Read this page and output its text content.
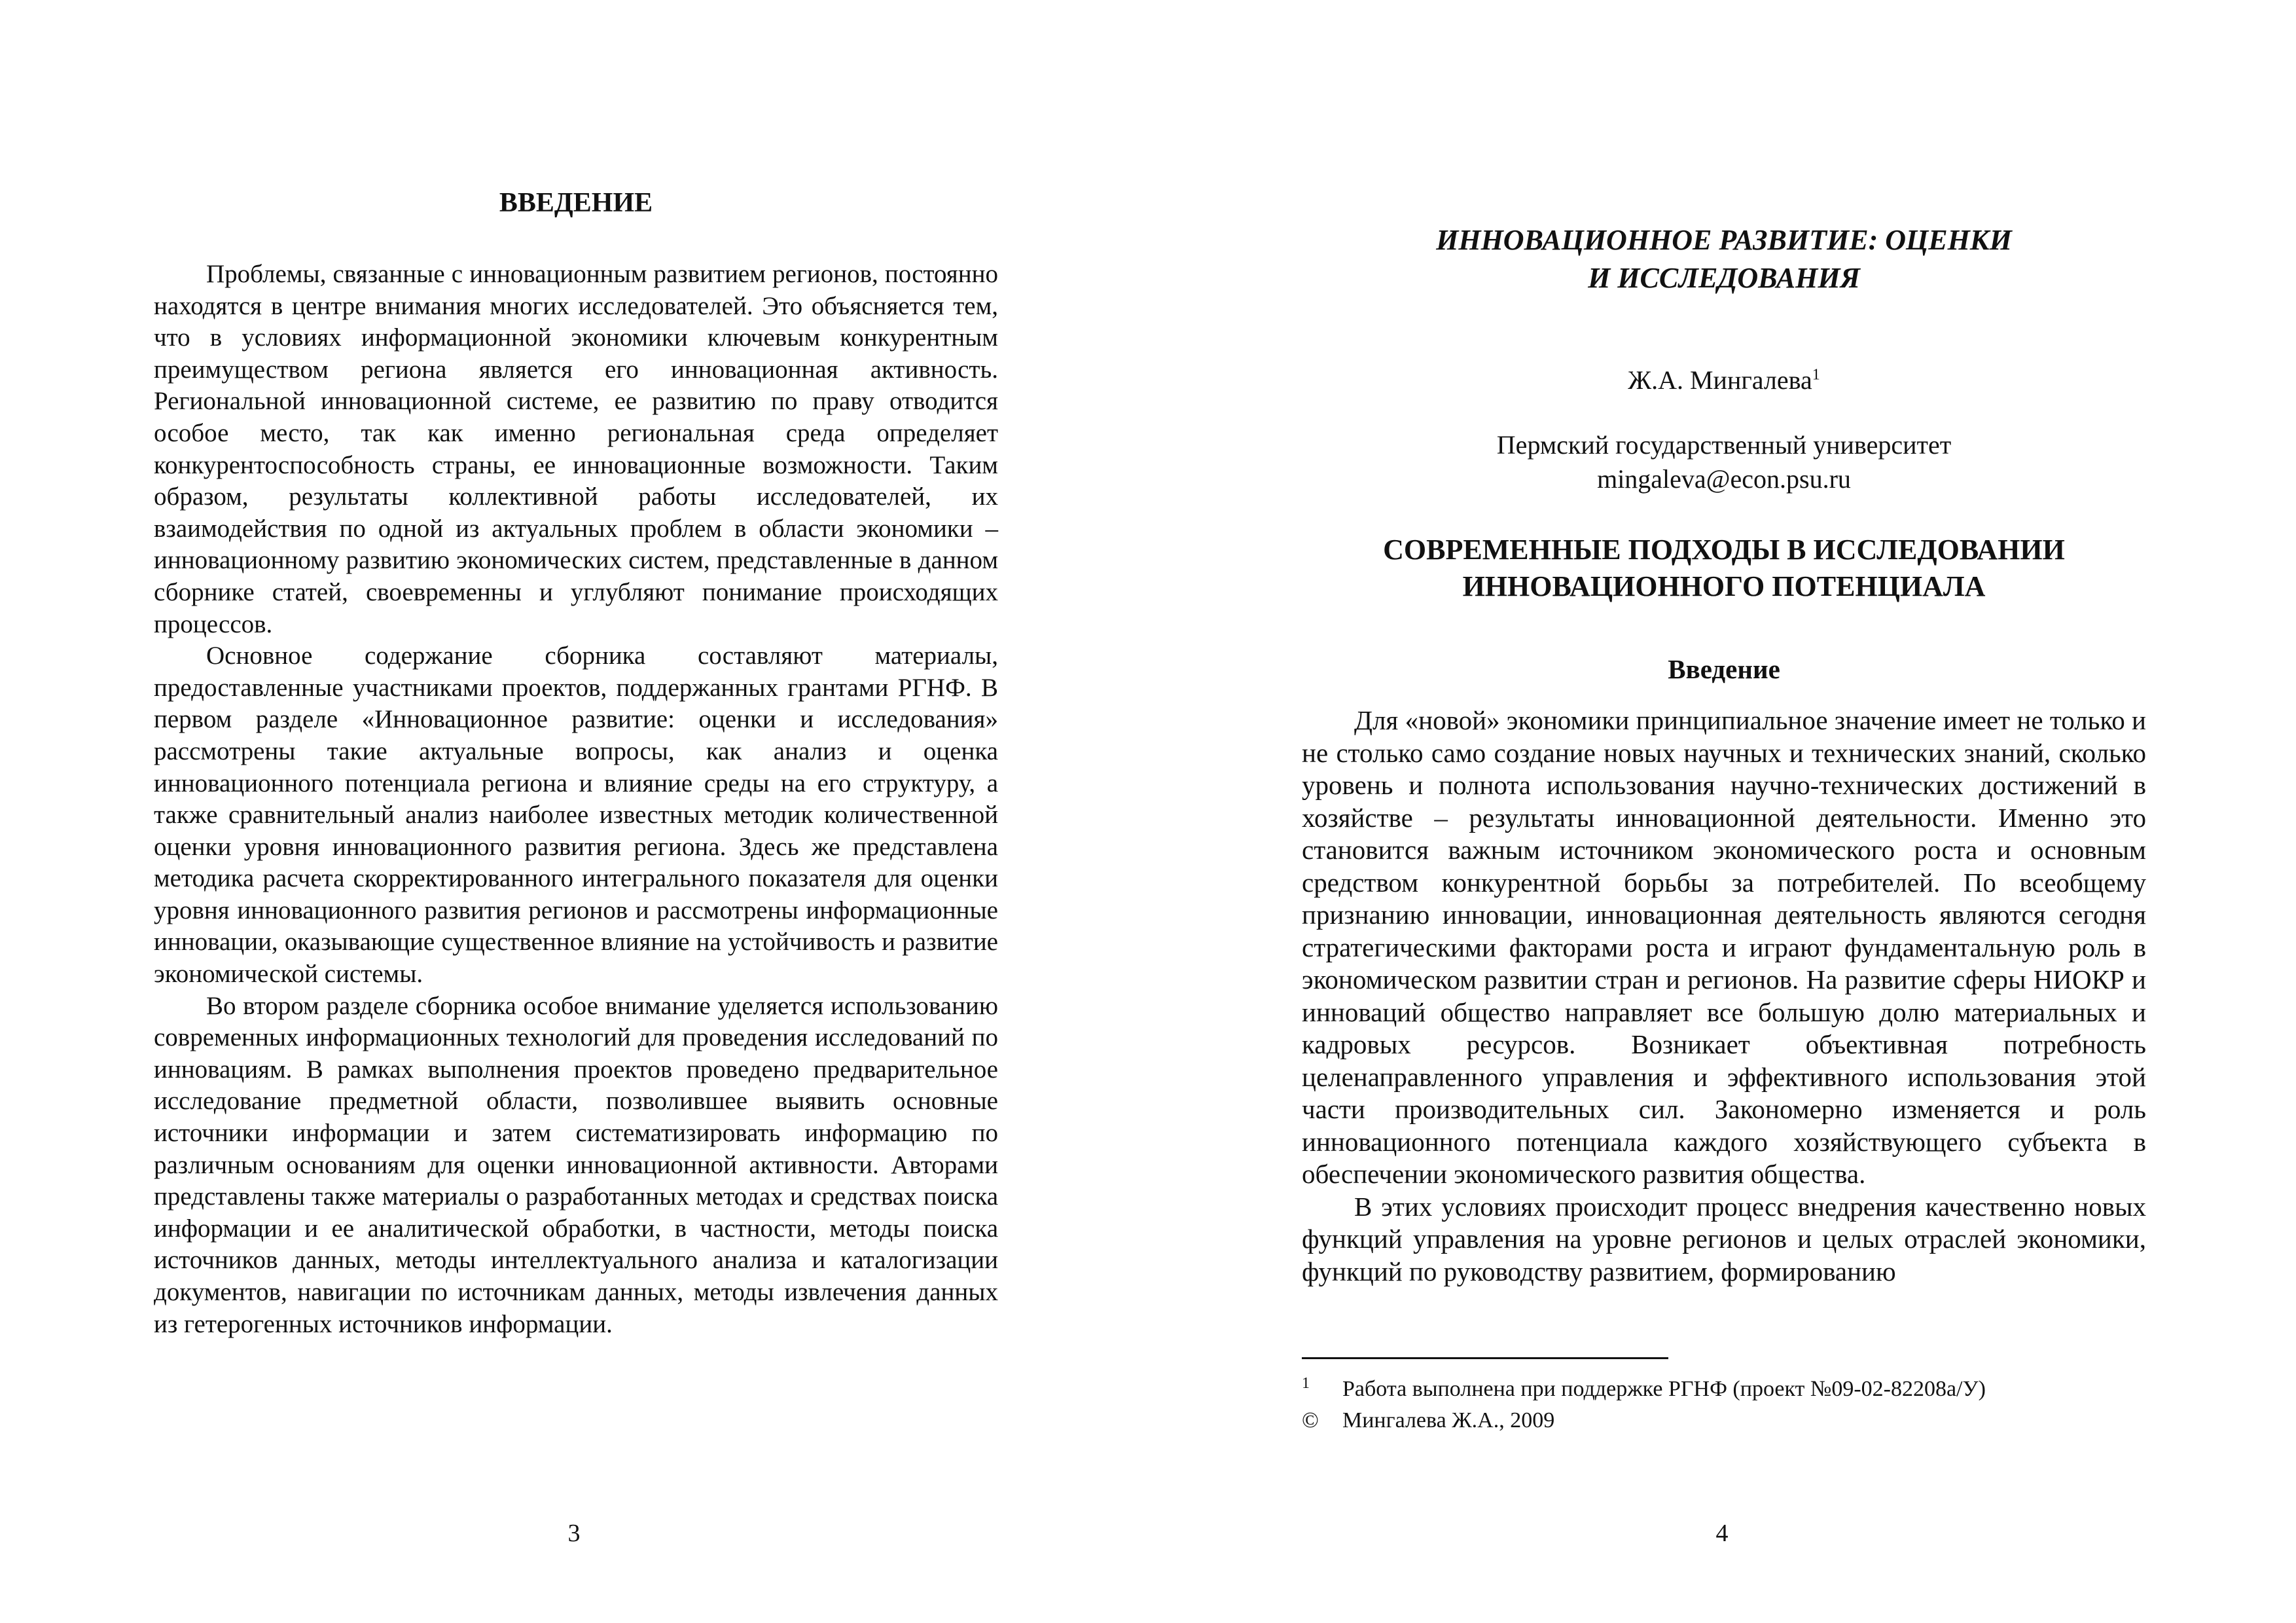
ВВЕДЕНИЕ

Проблемы, связанные с инновационным развитием регионов, постоянно находятся в центре внимания многих исследователей. Это объясняется тем, что в условиях информационной экономики ключевым конкурентным преимуществом региона является его инновационная активность. Региональной инновационной системе, ее развитию по праву отводится особое место, так как именно региональная среда определяет конкурентоспособность страны, ее инновационные возможности. Таким образом, результаты коллективной работы исследователей, их взаимодействия по одной из актуальных проблем в области экономики – инновационному развитию экономических систем, представленные в данном сборнике статей, своевременны и углубляют понимание происходящих процессов.

Основное содержание сборника составляют материалы, предоставленные участниками проектов, поддержанных грантами РГНФ. В первом разделе «Инновационное развитие: оценки и исследования» рассмотрены такие актуальные вопросы, как анализ и оценка инновационного потенциала региона и влияние среды на его структуру, а также сравнительный анализ наиболее известных методик количественной оценки уровня инновационного развития региона. Здесь же представлена методика расчета скорректированного интегрального показателя для оценки уровня инновационного развития регионов и рассмотрены информационные инновации, оказывающие существенное влияние на устойчивость и развитие экономической системы.

Во втором разделе сборника особое внимание уделяется использованию современных информационных технологий для проведения исследований по инновациям. В рамках выполнения проектов проведено предварительное исследование предметной области, позволившее выявить основные источники информации и затем систематизировать информацию по различным основаниям для оценки инновационной активности. Авторами представлены также материалы о разработанных методах и средствах поиска информации и ее аналитической обработки, в частности, методы поиска источников данных, методы интеллектуального анализа и каталогизации документов, навигации по источникам данных, методы извлечения данных из гетерогенных источников информации.

3
ИННОВАЦИОННОЕ РАЗВИТИЕ: ОЦЕНКИ
И ИССЛЕДОВАНИЯ
Ж.А. Мингалева$^1$
Пермский государственный университет
mingaleva@econ.psu.ru
СОВРЕМЕННЫЕ ПОДХОДЫ В ИССЛЕДОВАНИИ
ИННОВАЦИОННОГО ПОТЕНЦИАЛА
Введение

Для «новой» экономики принципиальное значение имеет не только и не столько само создание новых научных и технических знаний, сколько уровень и полнота использования научно-технических достижений в хозяйстве – результаты инновационной деятельности. Именно это становится важным источником экономического роста и основным средством конкурентной борьбы за потребителей. По всеобщему признанию инновации, инновационная деятельность являются сегодня стратегическими факторами роста и играют фундаментальную роль в экономическом развитии стран и регионов. На развитие сферы НИОКР и инноваций общество направляет все большую долю материальных и кадровых ресурсов. Возникает объективная потребность целенаправленного управления и эффективного использования этой части производительных сил. Закономерно изменяется и роль инновационного потенциала каждого хозяйствующего субъекта в обеспечении экономического развития общества.

В этих условиях происходит процесс внедрения качественно новых функций управления на уровне регионов и целых отраслей экономики, функций по руководству развитием, формированию

1	Работа выполнена при поддержке РГНФ (проект №09-02-82208а/У)
©	Мингалева Ж.А., 2009
4
